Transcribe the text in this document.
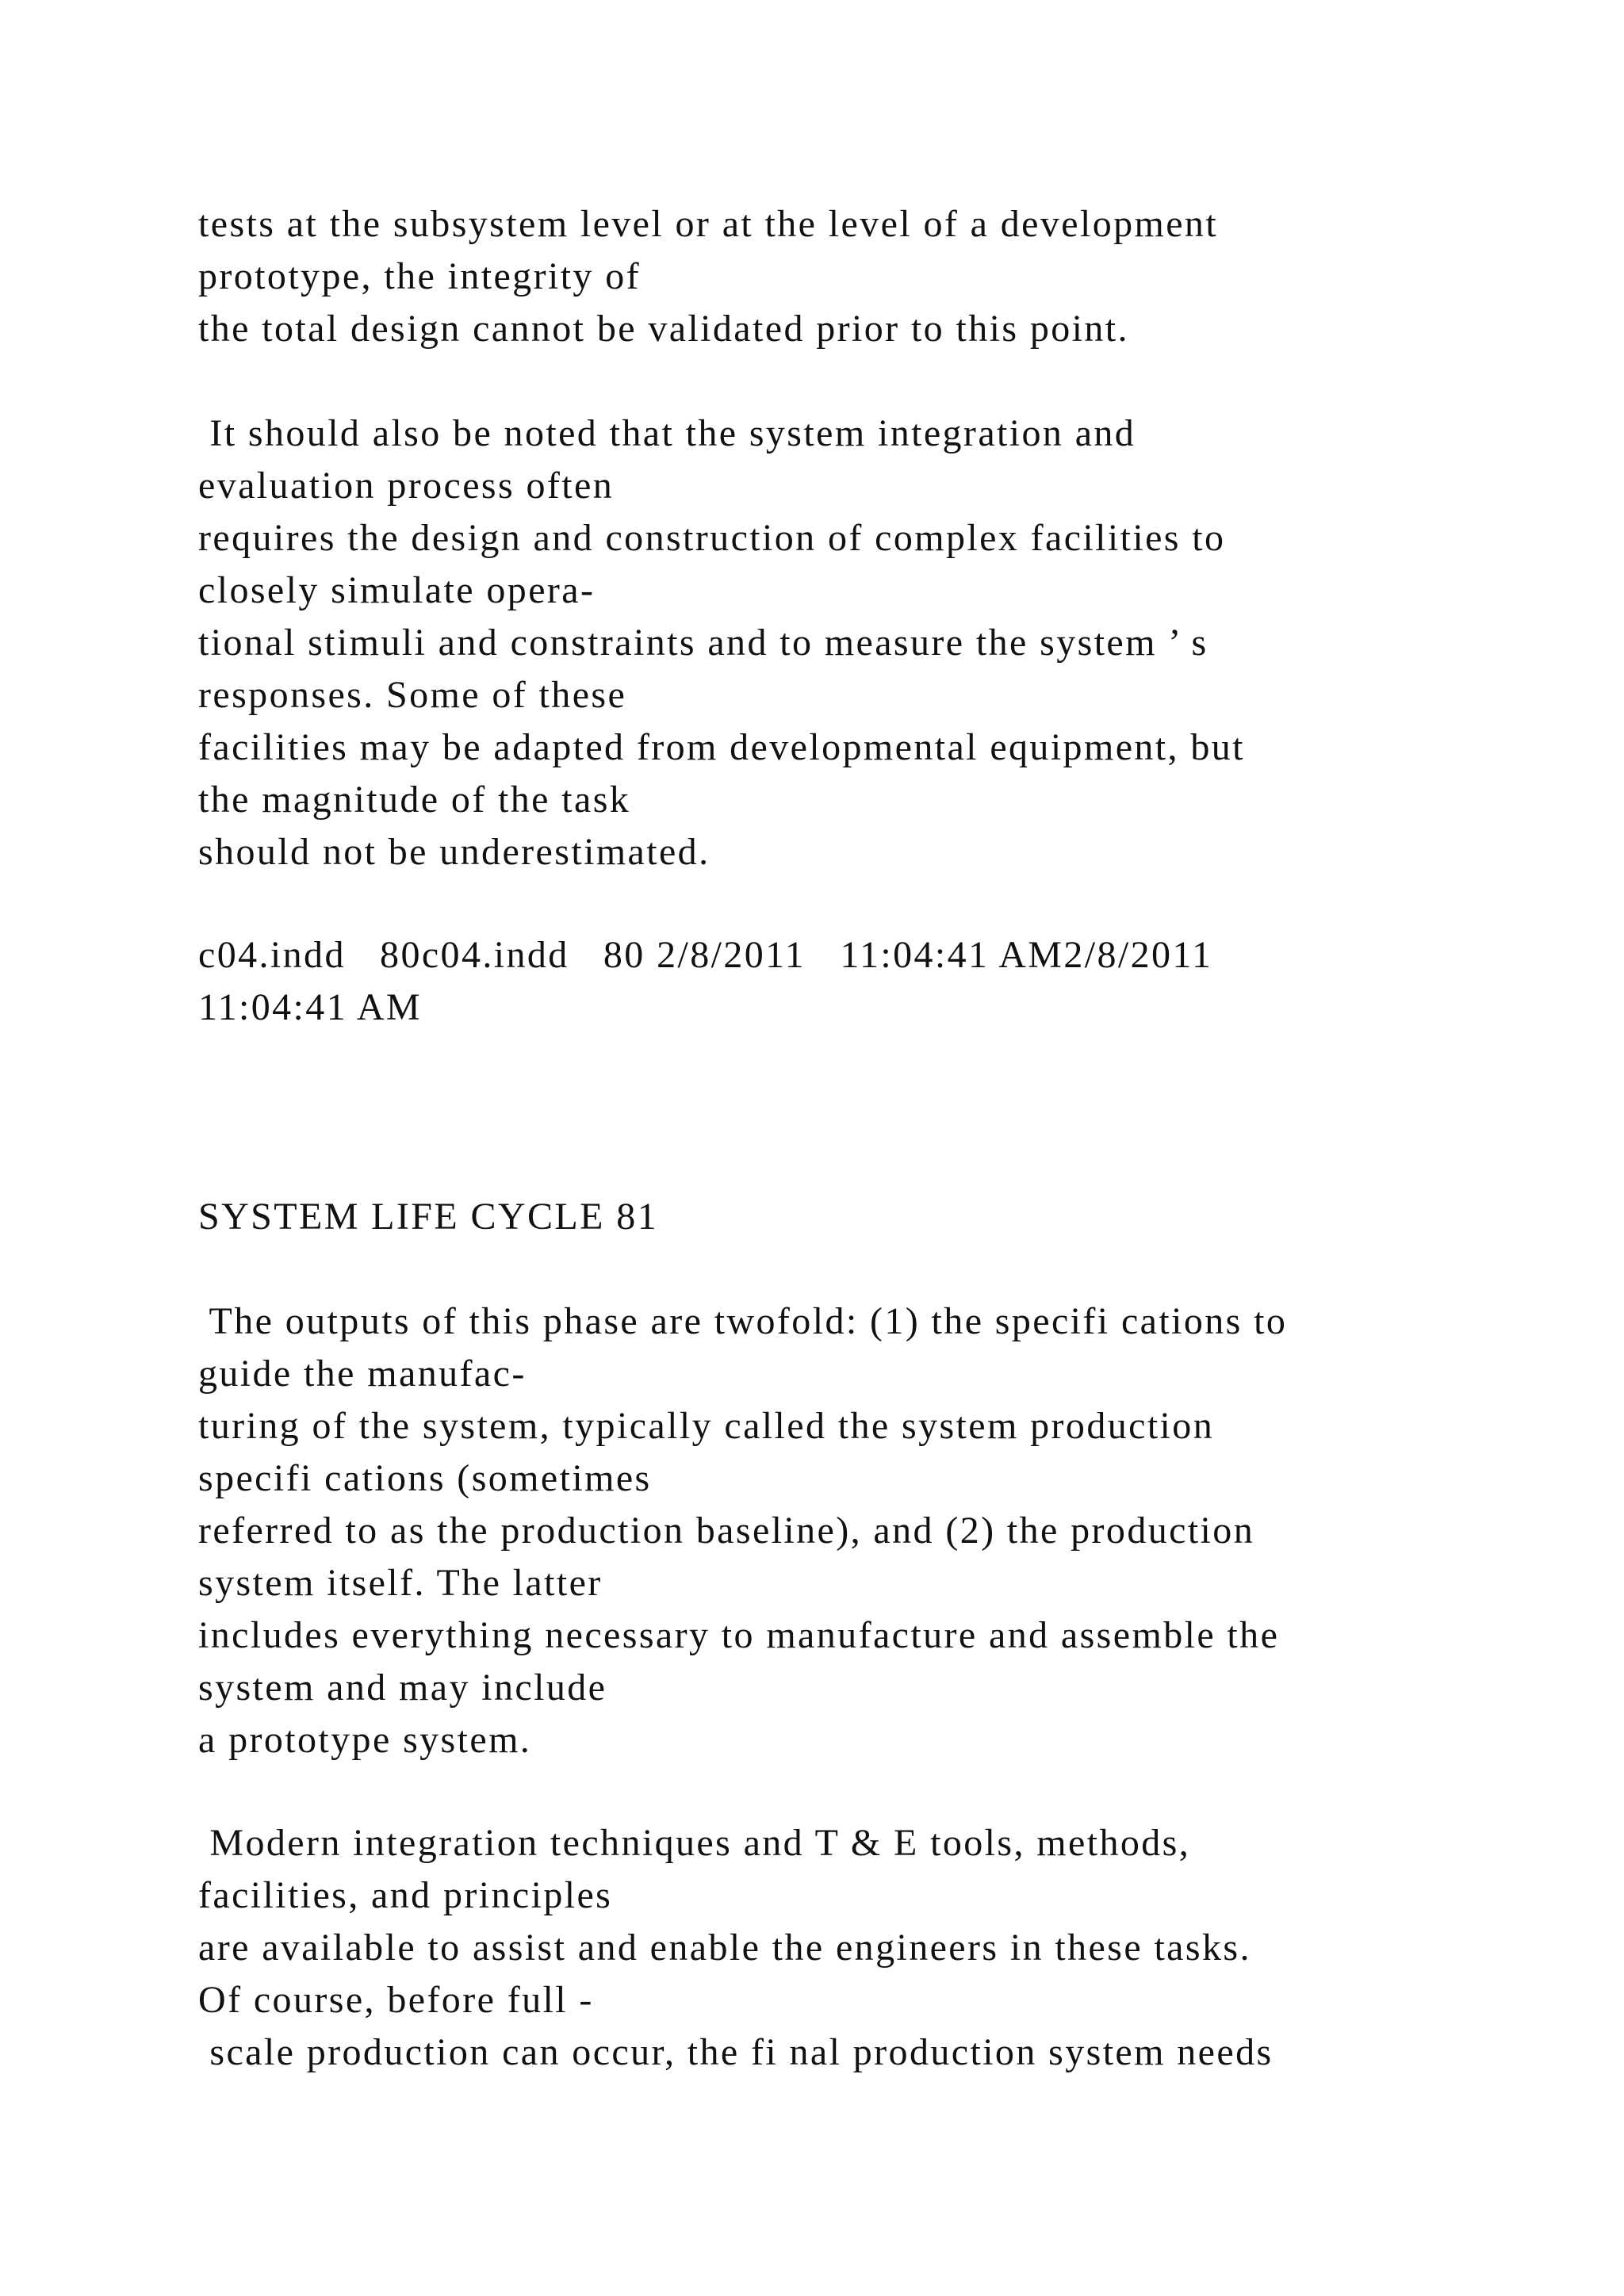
tests at the subsystem level or at the level of a development
prototype, the integrity of
the total design cannot be validated prior to this point.
It should also be noted that the system integration and
evaluation process often
requires the design and construction of complex facilities to
closely simulate opera-
tional stimuli and constraints and to measure the system ’ s
responses. Some of these
facilities may be adapted from developmental equipment, but
the magnitude of the task
should not be underestimated.
c04.indd   80c04.indd   80 2/8/2011   11:04:41 AM2/8/2011
11:04:41 AM
SYSTEM LIFE CYCLE 81
The outputs of this phase are twofold: (1) the specifi cations to
guide the manufac-
turing of the system, typically called the system production
specifi cations (sometimes
referred to as the production baseline), and (2) the production
system itself. The latter
includes everything necessary to manufacture and assemble the
system and may include
a prototype system.
Modern integration techniques and T & E tools, methods,
facilities, and principles
are available to assist and enable the engineers in these tasks.
Of course, before full -
scale production can occur, the fi nal production system needs
